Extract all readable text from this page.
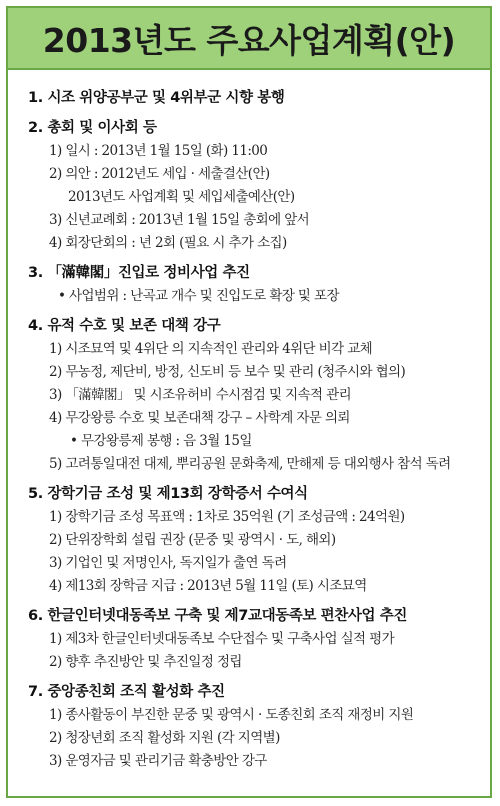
2013년도 주요사업계획(안)
1. 시조 위양공부군 및 4위부군 시향 봉행
2. 총회 및 이사회 등
1) 일시 : 2013년 1월 15일 (화) 11:00
2) 의안 : 2012년도 세입 · 세출결산(안)
2013년도 사업계획 및 세입세출예산(안)
3) 신년교례회 : 2013년 1월 15일 총회에 앞서
4) 회장단회의 : 년 2회 (필요 시 추가 소집)
3. 「滿韓閣」진입로 정비사업 추진
• 사업범위 : 난곡교 개수 및 진입도로 확장 및 포장
4. 유적 수호 및 보존 대책 강구
1) 시조묘역 및 4위단 의 지속적인 관리와 4위단 비각 교체
2) 무농정, 제단비, 방정, 신도비 등 보수 및 관리 (청주시와 협의)
3) 「滿韓閣」 및 시조유허비 수시점검 및 지속적 관리
4) 무강왕릉 수호 및 보존대책 강구 – 사학계 자문 의뢰
• 무강왕릉제 봉행 : 음 3월 15일
5) 고려통일대전 대제, 뿌리공원 문화축제, 만해제 등 대외행사 참석 독려
5. 장학기금 조성 및 제13회 장학증서 수여식
1) 장학기금 조성 목표액 : 1차로 35억원 (기 조성금액 : 24억원)
2) 단위장학회 설립 권장 (문중 및 광역시 · 도, 해외)
3) 기업인 및 저명인사, 독지일가 출연 독려
4) 제13회 장학금 지급 : 2013년 5월 11일 (토) 시조묘역
6. 한글인터넷대동족보 구축 및 제7교대동족보 편찬사업 추진
1) 제3차 한글인터넷대동족보 수단접수 및 구축사업 실적 평가
2) 향후 추진방안 및 추진일정 정립
7. 중앙종친회 조직 활성화 추진
1) 종사활동이 부진한 문중 및 광역시 · 도종친회 조직 재정비 지원
2) 청장년회 조직 활성화 지원 (각 지역별)
3) 운영자금 및 관리기금 확충방안 강구
